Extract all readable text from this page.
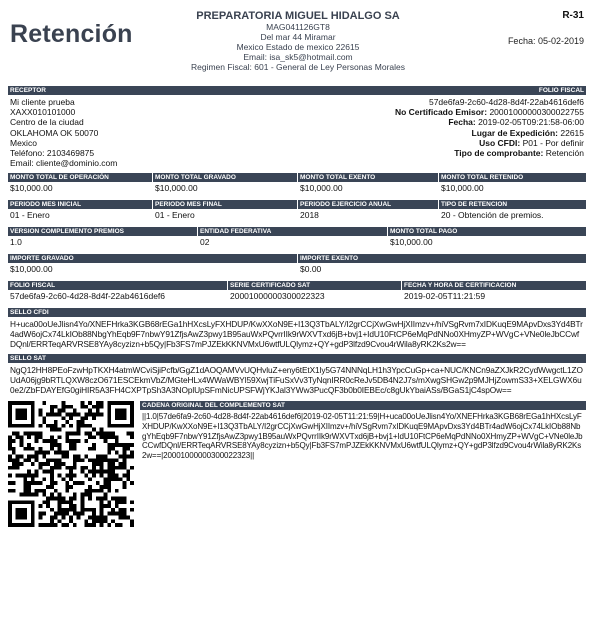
Retención
PREPARATORIA MIGUEL HIDALGO SA
MAG041126GT8
Del mar 44 Miramar
Mexico Estado de mexico 22615
Email: isa_sk5@hotmail.com
Regimen Fiscal: 601 - General de Ley Personas Morales
R-31
Fecha: 05-02-2019
RECEPTOR	FOLIO FISCAL
Mi cliente prueba
XAXX010101000
Centro de la ciudad
OKLAHOMA OK 50070
Mexico
Teléfono: 2103469875
Email: cliente@dominio.com
57de6fa9-2c60-4d28-8d4f-22ab4616def6
No Certificado Emisor: 20001000000300022755
Fecha: 2019-02-05T09:21:58-06:00
Lugar de Expedición: 22615
Uso CFDI: P01 - Por definir
Tipo de comprobante: Retención
MONTO TOTAL DE OPERACIÓN	MONTO TOTAL GRAVADO	MONTO TOTAL EXENTO	MONTO TOTAL RETENIDO
$10,000.00	$10,000.00	$10,000.00	$10,000.00
PERIODO MES INICIAL	PERIODO MES FINAL	PERIODO EJERCICIO ANUAL	TIPO DE RETENCION
01 - Enero	01 - Enero	2018	20 - Obtención de premios.
VERSION COMPLEMENTO PREMIOS	ENTIDAD FEDERATIVA	MONTO TOTAL PAGO
1.0	02	$10,000.00
IMPORTE GRAVADO	IMPORTE EXENTO
$10,000.00	$0.00
FOLIO FISCAL	SERIE CERTIFICADO SAT	FECHA Y HORA DE CERTIFICACION
57de6fa9-2c60-4d28-8d4f-22ab4616def6	20001000000300022323	2019-02-05T11:21:59
SELLO CFDI
H+uca00oUeJlisn4Yo/XNEFHrka3KGB68rEGa1hHXcsLyFXHDUP/KwXXoN9E+I13Q3TbALY/I2grCCjXwGwHjXIImzv+/hiVSgRvm7xIDKuqE9MApvDxs3Yd4BTr4adW6ojCx74LkIOb88NbgYhEqb9F7nbwY91ZfjsAwZ3pwy1B95auWxPQvrrIIk9rWXVTxd6jB+bvj1+IdU10FtCP6eMqPdNNo0XHmyZP+WVgC+VNe0leJbCCwfDQnl/ERRTeqARVRSE8YAy8cyzizn+b5Qy|Fb3FS7mPJZEkKKNVMxU6wtfULQlymz+QY+gdP3lfzd9Cvou4rWila8yRK2Ks2w==
SELLO SAT
NgQ12HH8PEoFzwHpTKXH4atmWCviSjiPcfb/GgZ1dAOQAMVvUQHvluZ+eny6tEtX1ly5G74NNNqLH1h3YpcCuGp+ca+NUC/KNCn9aZXJkR2CydWwgctL1ZOUdA06jg9bRTLQXW8czO671ESCEkmVbZ/MGteHLx4WWaWBYl59XwjTiFuSxVv3TyNqnIRR0cReJv5DB4N2J7s/mXwgSHGw2p9MJHjZowmS33+XELGWX6u0e2/ZbFDAYEfG0giHIR5A3FH4CXPTpSh3A3NOplUpSFmNicUPSFWjYKJal3YWw3PucQF3b0b0IEBEc/c8gUkYbaiASs/BGaS1jC4spOw==
CADENA ORIGINAL DEL COMPLEMENTO SAT
||1.0|57de6fa9-2c60-4d28-8d4f-22ab4616def6|2019-02-05T11:21:59|H+uca00oUeJlisn4Yo/XNEFHrka3KGB68rEGa1hHXcsLyFXHDUP/KwXXoN9E+I13Q3TbALY/I2grCCjXwGwHjXIImzv+/hiVSgRvm7xIDKuqE9MApvDxs3Yd4BTr4adW6ojCx74LkIOb88NbgYhEqb9F7nbwY91ZfjsAwZ3pwy1B95auWxPQvrrIIk9rWXVTxd6jB+bvj1+IdU10FtCP6eMqPdNNo0XHmyZP+WVgC+VNe0leJbCCwfDQnl/ERRTeqARVRSE8YAy8cyzizn+b5Qy|Fb3FS7mPJZEkKKNVMxU6wtfULQlymz+QY+gdP3lfzd9Cvou4rWila8yRK2Ks2w==|20001000000300022323||
